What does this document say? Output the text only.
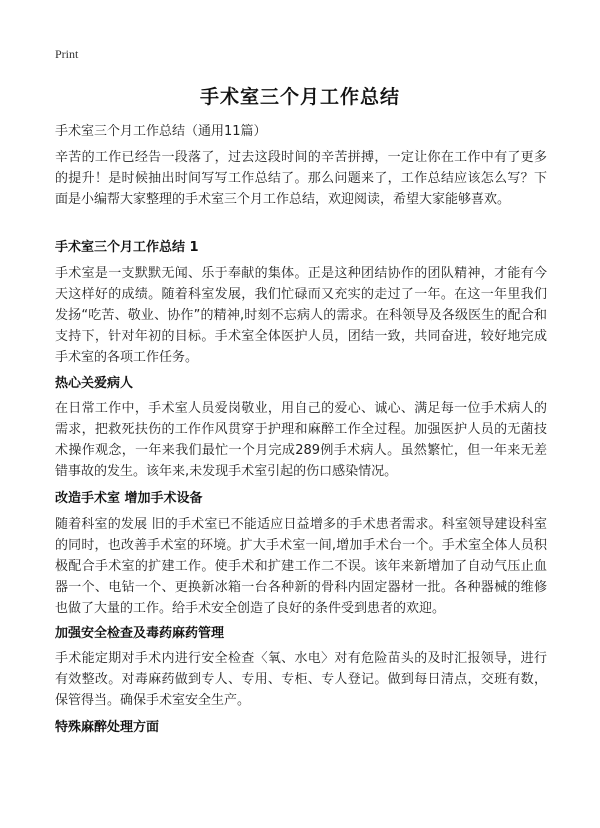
Print
手术室三个月工作总结
手术室三个月工作总结（通用11篇）
辛苦的工作已经告一段落了，过去这段时间的辛苦拼搏，一定让你在工作中有了更多的提升！是时候抽出时间写写工作总结了。那么问题来了，工作总结应该怎么写？下面是小编帮大家整理的手术室三个月工作总结，欢迎阅读，希望大家能够喜欢。
手术室三个月工作总结 1
手术室是一支默默无闻、乐于奉献的集体。正是这种团结协作的团队精神，才能有今天这样好的成绩。随着科室发展，我们忙碌而又充实的走过了一年。在这一年里我们发扬“吃苦、敬业、协作”的精神,时刻不忘病人的需求。在科领导及各级医生的配合和支持下，针对年初的目标。手术室全体医护人员，团结一致，共同奋进，较好地完成手术室的各项工作任务。
热心关爱病人
在日常工作中，手术室人员爱岗敬业，用自己的爱心、诚心、满足每一位手术病人的 需求，把救死扶伤的工作作风贯穿于护理和麻醉工作全过程。加强医护人员的无菌技术操作观念，一年来我们最忙一个月完成289例手术病人。虽然繁忙，但一年来无差错事故的发生。该年来,未发现手术室引起的伤口感染情况。
改造手术室 增加手术设备
随着科室的发展 旧的手术室已不能适应日益增多的手术患者需求。科室领导建设科室的同时，也改善手术室的环境。扩大手术室一间,增加手术台一个。手术室全体人员积极配合手术室的扩建工作。使手术和扩建工作二不误。该年来新增加了自动气压止血器一个、电钻一个、更换新冰箱一台各种新的骨科内固定器材一批。各种器械的维修也做了大量的工作。给手术安全创造了良好的条件受到患者的欢迎。
加强安全检查及毒药麻药管理
手术能定期对手术内进行安全检查〈氧、水电〉对有危险苗头的及时汇报领导，进行有效整改。对毒麻药做到专人、专用、专柜、专人登记。做到每日清点，交班有数，保管得当。确保手术室安全生产。
特殊麻醉处理方面
